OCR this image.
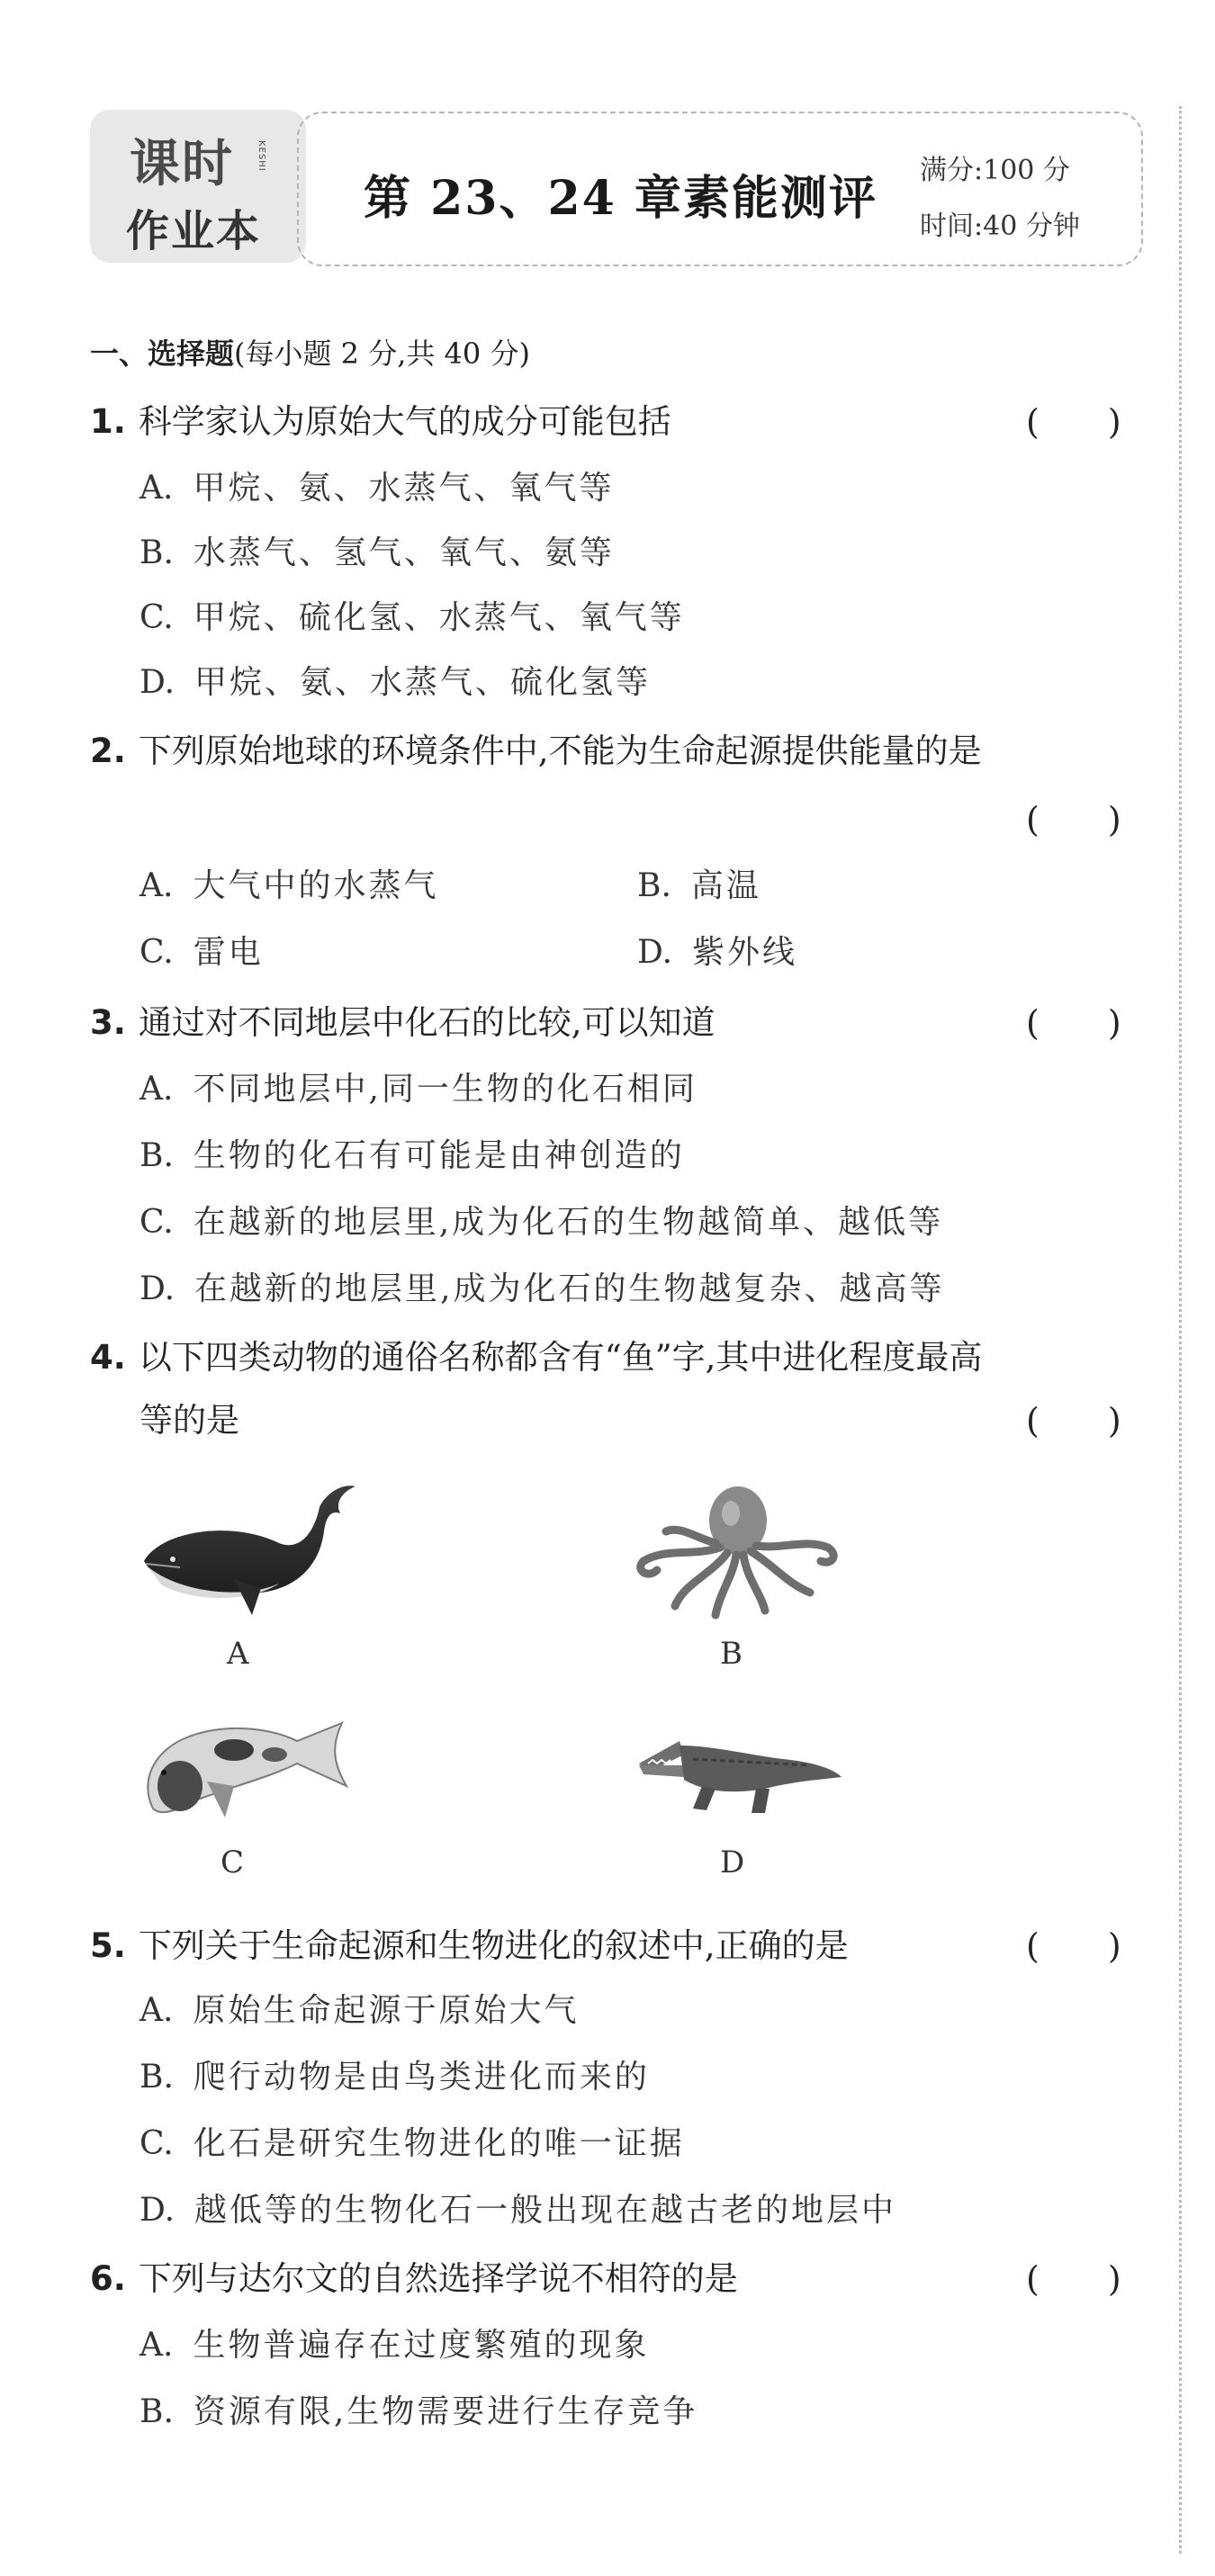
课时	KESHI
作业本
第 23、24 章素能测评
满分:100 分
时间:40 分钟
一、选择题(每小题 2 分,共 40 分)
1. 科学家认为原始大气的成分可能包括	(　　)
A. 甲烷、氨、水蒸气、氧气等
B. 水蒸气、氢气、氧气、氨等
C. 甲烷、硫化氢、水蒸气、氧气等
D. 甲烷、氨、水蒸气、硫化氢等
2. 下列原始地球的环境条件中,不能为生命起源提供能量的是
(　　)
A. 大气中的水蒸气	B. 高温
C. 雷电	D. 紫外线
3. 通过对不同地层中化石的比较,可以知道	(　　)
A. 不同地层中,同一生物的化石相同
B. 生物的化石有可能是由神创造的
C. 在越新的地层里,成为化石的生物越简单、越低等
D. 在越新的地层里,成为化石的生物越复杂、越高等
4. 以下四类动物的通俗名称都含有“鱼”字,其中进化程度最高
等的是	(　　)
A	B
C	D
5. 下列关于生命起源和生物进化的叙述中,正确的是	(　　)
A. 原始生命起源于原始大气
B. 爬行动物是由鸟类进化而来的
C. 化石是研究生物进化的唯一证据
D. 越低等的生物化石一般出现在越古老的地层中
6. 下列与达尔文的自然选择学说不相符的是	(　　)
A. 生物普遍存在过度繁殖的现象
B. 资源有限,生物需要进行生存竞争
